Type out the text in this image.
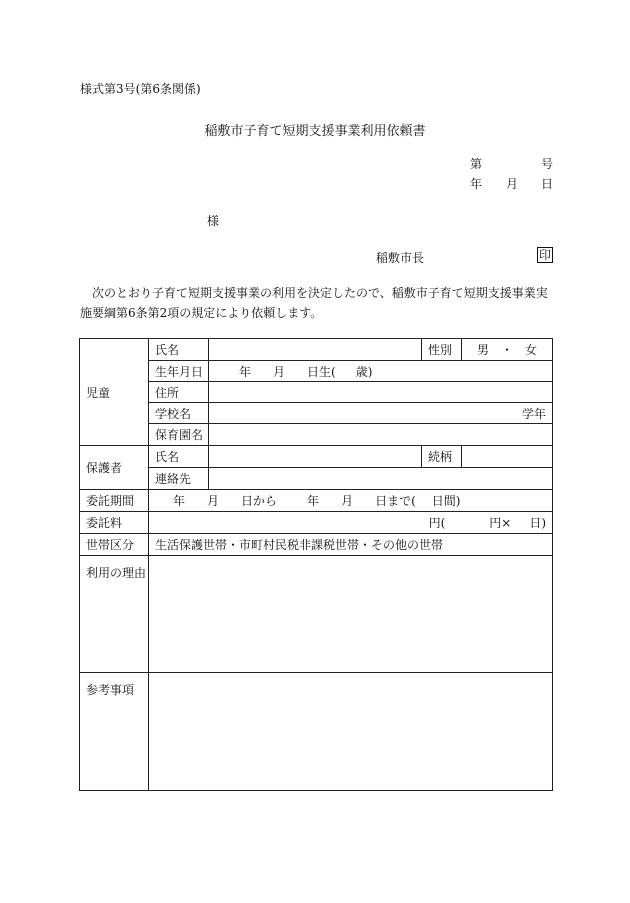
様式第3号(第6条関係)
稲敷市子育て短期支援事業利用依頼書
第	号
年 月 日
様
稲敷市長	印
次のとおり子育て短期支援事業の利用を決定したので、稲敷市子育て短期支援事業実施要綱第6条第2項の規定により依頼します。
児童	氏名		性別	男　・　女
	生年月日	年 月 日生( 歳)		
	住所			
	学校名	学年		
	保育園名			
保護者	氏名		続柄	
	連絡先			
委託期間	年 月 日から 年 月 日まで( 日間)			
委託料	円( 円× 日)			
世帯区分	生活保護世帯・市町村民税非課税世帯・その他の世帯			
利用の理由				
参考事項				
